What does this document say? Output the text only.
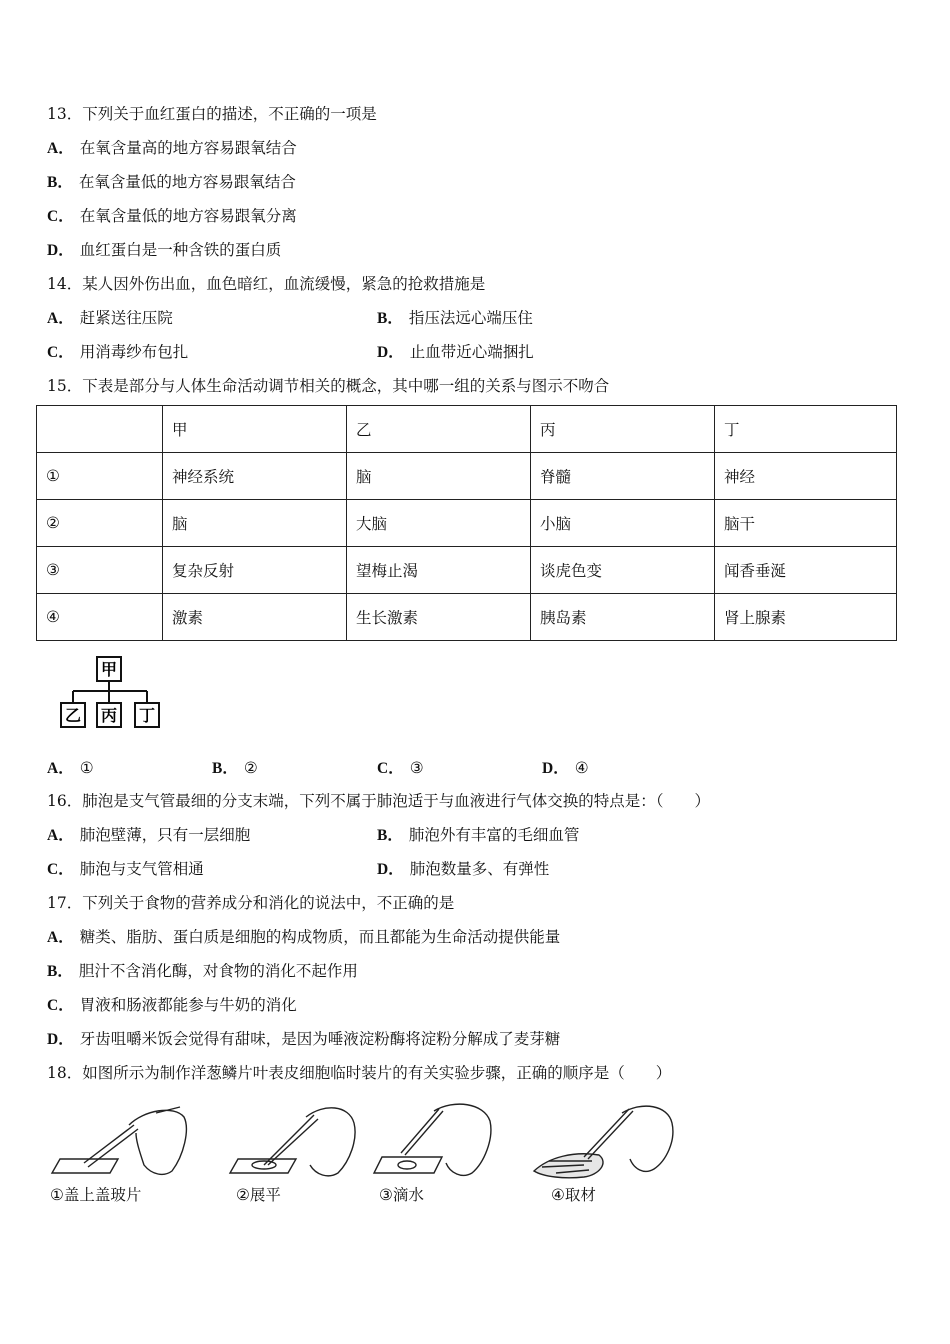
13．下列关于血红蛋白的描述，不正确的一项是
A． 在氧含量高的地方容易跟氧结合
B． 在氧含量低的地方容易跟氧结合
C． 在氧含量低的地方容易跟氧分离
D． 血红蛋白是一种含铁的蛋白质
14．某人因外伤出血，血色暗红，血流缓慢，紧急的抢救措施是
A． 赶紧送往压院	B． 指压法远心端压住
C． 用消毒纱布包扎	D． 止血带近心端捆扎
15．下表是部分与人体生命活动调节相关的概念，其中哪一组的关系与图示不吻合
	甲	乙	丙	丁
①	神经系统	脑	脊髓	神经
②	脑	大脑	小脑	脑干
③	复杂反射	望梅止渴	谈虎色变	闻香垂涎
④	激素	生长激素	胰岛素	肾上腺素
甲
乙 丙 丁
A． ①	B． ②	C． ③	D． ④
16．肺泡是支气管最细的分支末端，下列不属于肺泡适于与血液进行气体交换的特点是：（　　）
A． 肺泡壁薄，只有一层细胞	B． 肺泡外有丰富的毛细血管
C． 肺泡与支气管相通	D． 肺泡数量多、有弹性
17．下列关于食物的营养成分和消化的说法中，不正确的是
A． 糖类、脂肪、蛋白质是细胞的构成物质，而且都能为生命活动提供能量
B． 胆汁不含消化酶，对食物的消化不起作用
C． 胃液和肠液都能参与牛奶的消化
D． 牙齿咀嚼米饭会觉得有甜味，是因为唾液淀粉酶将淀粉分解成了麦芽糖
18．如图所示为制作洋葱鳞片叶表皮细胞临时装片的有关实验步骤，正确的顺序是（　　）
①盖上盖玻片	②展平	③滴水	④取材
